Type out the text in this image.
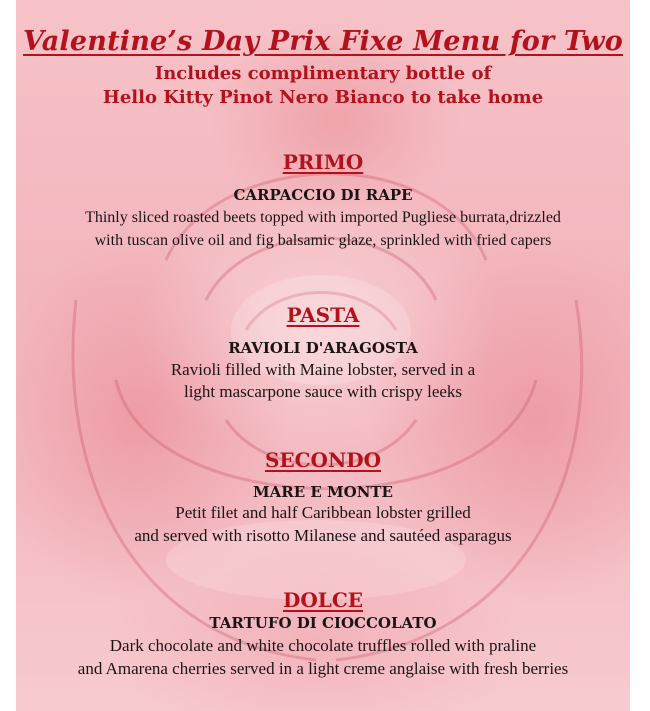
Valentine’s Day Prix Fixe Menu for Two
Includes complimentary bottle of
Hello Kitty Pinot Nero Bianco to take home
PRIMO
CARPACCIO DI RAPE
Thinly sliced roasted beets topped with imported Pugliese burrata,drizzled
with tuscan olive oil and fig balsamic glaze, sprinkled with fried capers
PASTA
RAVIOLI D'ARAGOSTA
Ravioli filled with Maine lobster, served in a
light mascarpone sauce with crispy leeks
SECONDO
MARE E MONTE
Petit filet and half Caribbean lobster grilled
and served with risotto Milanese and sautéed asparagus
DOLCE
TARTUFO DI CIOCCOLATO
Dark chocolate and white chocolate truffles rolled with praline
and Amarena cherries served in a light creme anglaise with fresh berries
